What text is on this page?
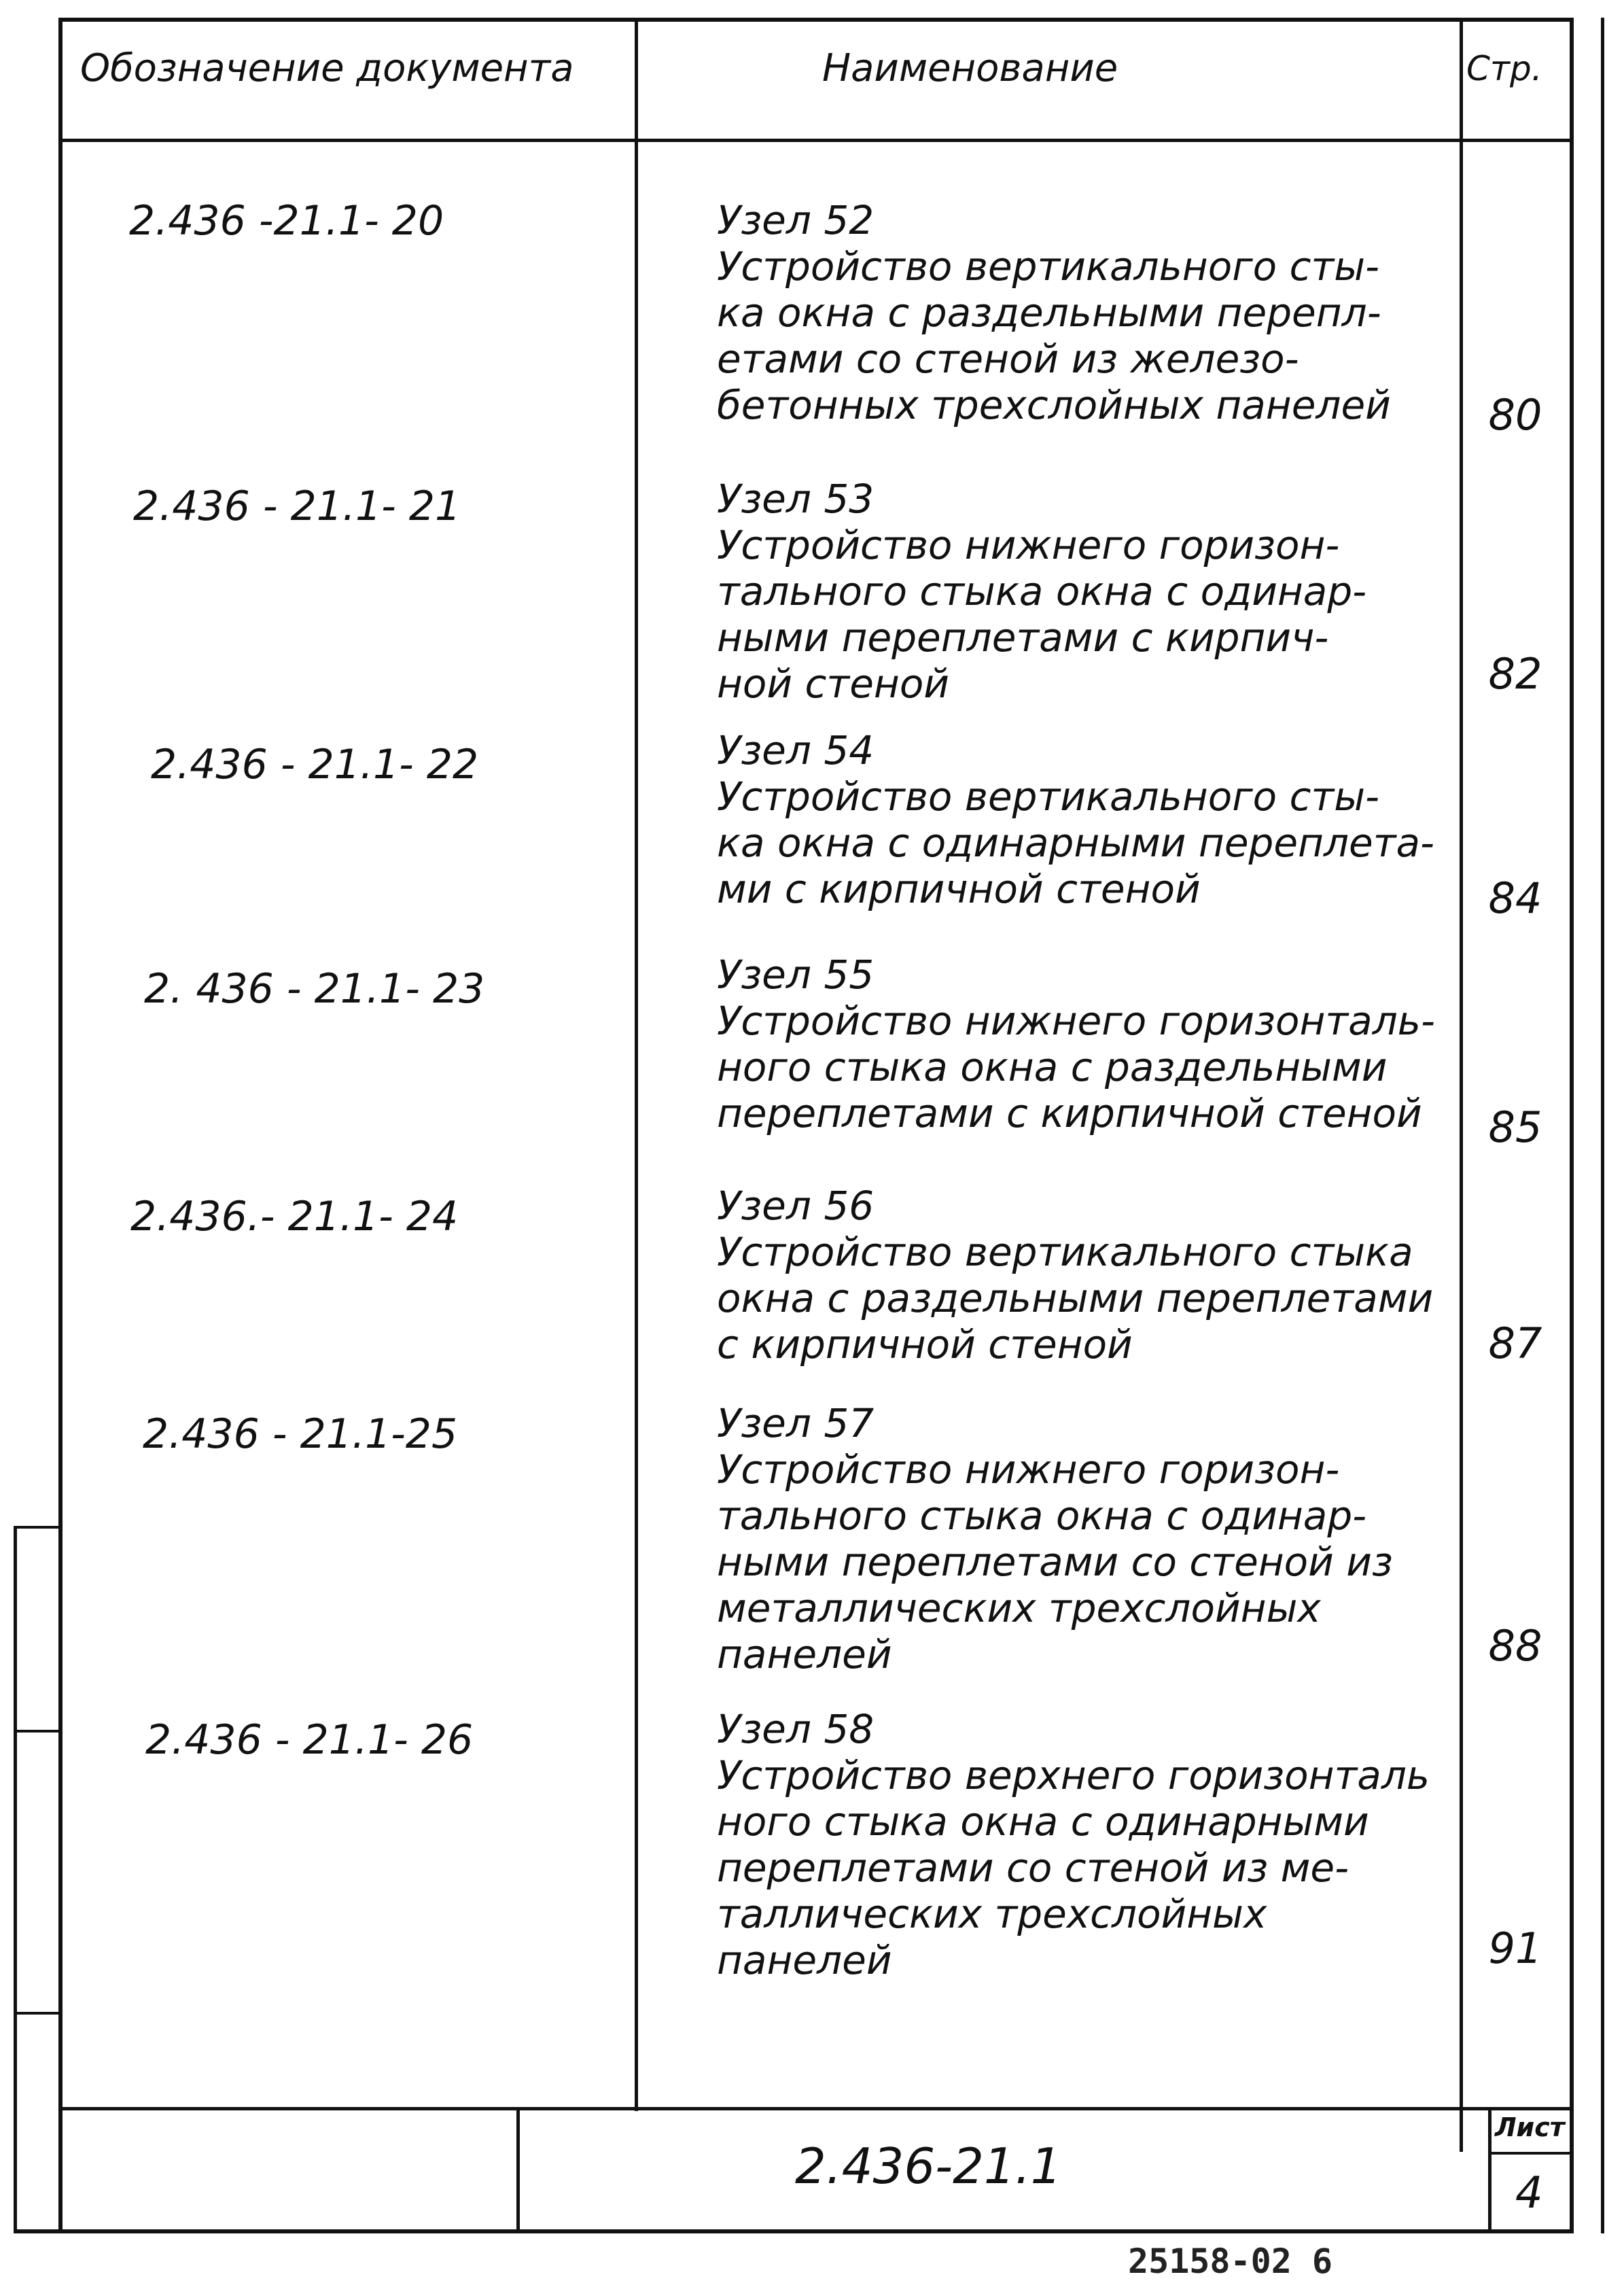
Обозначение документа	Наименование	Стр.
2.436 -21.1- 20	Узел 52
Устройство вертикального сты-
ка окна с раздельными перепл-
етами со стеной из железо-
бетонных трехслойных панелей	80
2.436 - 21.1- 21	Узел 53
Устройство нижнего горизон-
тального стыка окна с одинар-
ными переплетами с кирпич-
ной стеной	82
2.436 - 21.1- 22	Узел 54
Устройство вертикального сты-
ка окна с одинарными переплета-
ми с кирпичной стеной	84
2. 436 - 21.1- 23	Узел 55
Устройство нижнего горизонталь-
ного стыка окна с раздельными
переплетами с кирпичной стеной	85
2.436.- 21.1- 24	Узел 56
Устройство вертикального стыка
окна с раздельными переплетами
с кирпичной стеной	87
2.436 - 21.1-25	Узел 57
Устройство нижнего горизон-
тального стыка окна с одинар-
ными переплетами со стеной из
металлических трехслойных
панелей	88
2.436 - 21.1- 26	Узел 58
Устройство верхнего горизонталь
ного стыка окна с одинарными
переплетами со стеной из ме-
таллических трехслойных
панелей	91
2.436-21.1
Лист
4
25158-02 6
